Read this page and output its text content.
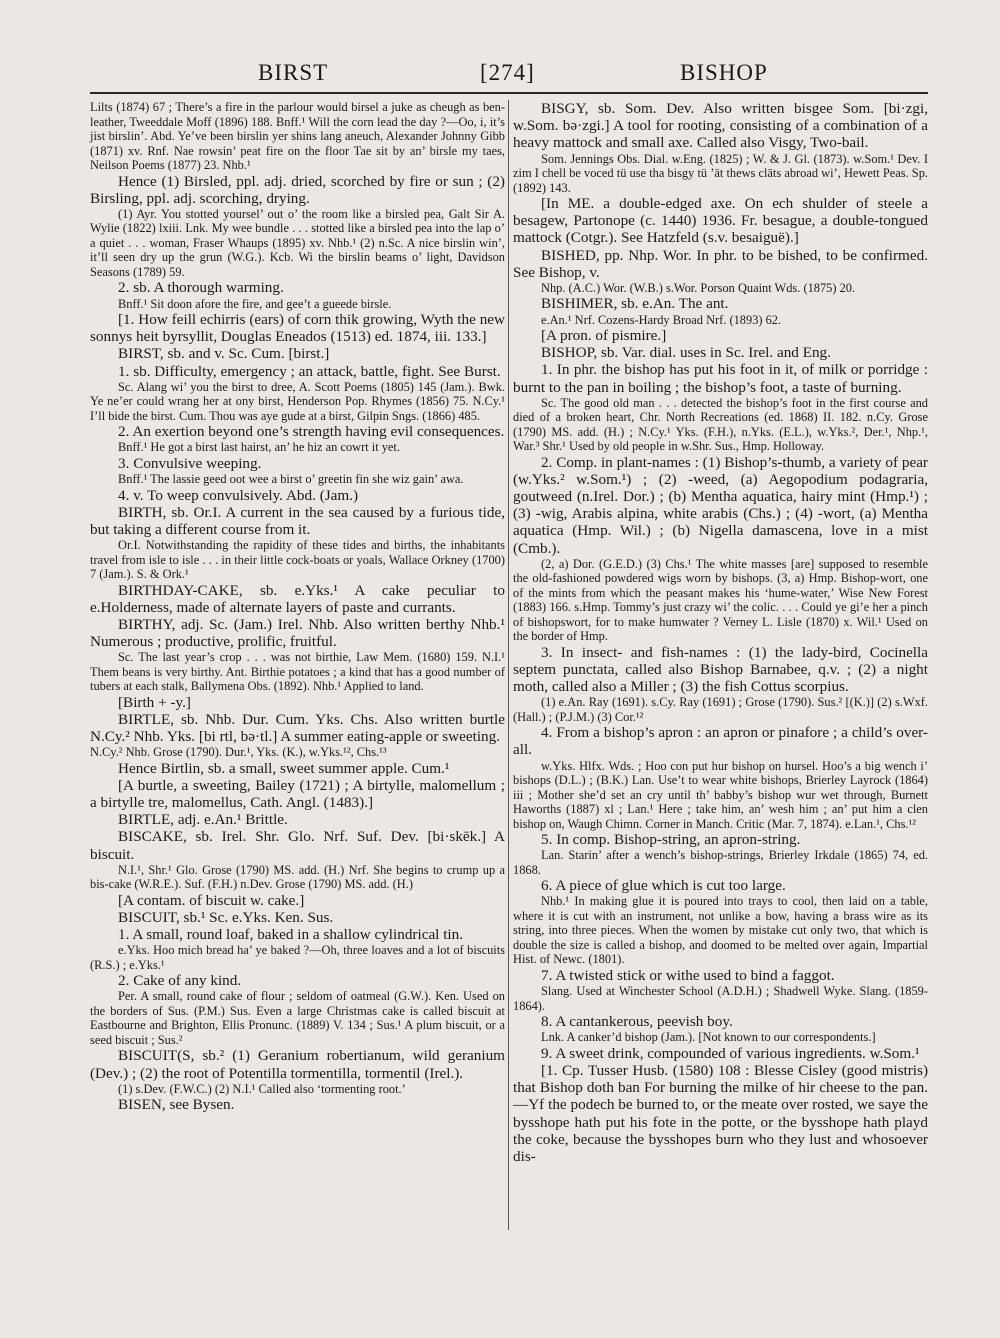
BIRST	[274]	BISHOP

Lilts (1874) 67 ; There’s a fire in the parlour would birsel a juke as cheugh as ben-leather, Tweeddale Moff (1896) 188. Bnff.¹ Will the corn lead the day ?—Oo, i, it’s jist birslin’. Abd. Ye’ve been birslin yer shins lang aneuch, Alexander Johnny Gibb (1871) xv. Rnf. Nae rowsin’ peat fire on the floor Tae sit by an’ birsle my taes, Neilson Poems (1877) 23. Nhb.¹

Hence (1) Birsled, ppl. adj. dried, scorched by fire or sun ; (2) Birsling, ppl. adj. scorching, drying.

(1) Ayr. You stotted yoursel’ out o’ the room like a birsled pea, Galt Sir A. Wylie (1822) lxiii. Lnk. My wee bundle . . . stotted like a birsled pea into the lap o’ a quiet . . . woman, Fraser Whaups (1895) xv. Nhb.¹ (2) n.Sc. A nice birslin win’, it’ll seen dry up the grun (W.G.). Kcb. Wi the birslin beams o’ light, Davidson Seasons (1789) 59.

2. sb. A thorough warming.

Bnff.¹ Sit doon afore the fire, and gee’t a gueede birsle.

[1. How feill echirris (ears) of corn thik growing, Wyth the new sonnys heit byrsyllit, Douglas Eneados (1513) ed. 1874, iii. 133.]

BIRST, sb. and v. Sc. Cum. [birst.]

1. sb. Difficulty, emergency ; an attack, battle, fight. See Burst.

Sc. Alang wi’ you the birst to dree, A. Scott Poems (1805) 145 (Jam.). Bwk. Ye ne’er could wrang her at ony birst, Henderson Pop. Rhymes (1856) 75. N.Cy.¹ I’ll bide the birst. Cum. Thou was aye gude at a birst, Gilpin Sngs. (1866) 485.

2. An exertion beyond one’s strength having evil consequences.

Bnff.¹ He got a birst last hairst, an’ he hiz an cowrt it yet.

3. Convulsive weeping.

Bnff.¹ The lassie geed oot wee a birst o’ greetin fin she wiz gain’ awa.

4. v. To weep convulsively. Abd. (Jam.)

BIRTH, sb. Or.I. A current in the sea caused by a furious tide, but taking a different course from it.

Or.I. Notwithstanding the rapidity of these tides and births, the inhabitants travel from isle to isle . . . in their little cock-boats or yoals, Wallace Orkney (1700) 7 (Jam.). S. & Ork.¹

BIRTHDAY-CAKE, sb. e.Yks.¹ A cake peculiar to e.Holderness, made of alternate layers of paste and currants.

BIRTHY, adj. Sc. (Jam.) Irel. Nhb. Also written berthy Nhb.¹ Numerous ; productive, prolific, fruitful.

Sc. The last year’s crop . . . was not birthie, Law Mem. (1680) 159. N.I.¹ Them beans is very birthy. Ant. Birthie potatoes ; a kind that has a good number of tubers at each stalk, Ballymena Obs. (1892). Nhb.¹ Applied to land.

[Birth + -y.]

BIRTLE, sb. Nhb. Dur. Cum. Yks. Chs. Also written burtle N.Cy.² Nhb. Yks. [bi rtl, bə·tl.] A summer eating-apple or sweeting.

N.Cy.² Nhb. Grose (1790). Dur.¹, Yks. (K.), w.Yks.¹², Chs.¹³

Hence Birtlin, sb. a small, sweet summer apple. Cum.¹

[A burtle, a sweeting, Bailey (1721) ; A birtylle, malomellum ; a birtylle tre, malomellus, Cath. Angl. (1483).]

BIRTLE, adj. e.An.¹ Brittle.

BISCAKE, sb. Irel. Shr. Glo. Nrf. Suf. Dev. [bi·skēk.] A biscuit.

N.I.¹, Shr.¹ Glo. Grose (1790) MS. add. (H.) Nrf. She begins to crump up a bis-cake (W.R.E.). Suf. (F.H.) n.Dev. Grose (1790) MS. add. (H.)

[A contam. of biscuit w. cake.]

BISCUIT, sb.¹ Sc. e.Yks. Ken. Sus.

1. A small, round loaf, baked in a shallow cylindrical tin.

e.Yks. Hoo mich bread ha’ ye baked ?—Oh, three loaves and a lot of biscuits (R.S.) ; e.Yks.¹

2. Cake of any kind.

Per. A small, round cake of flour ; seldom of oatmeal (G.W.). Ken. Used on the borders of Sus. (P.M.) Sus. Even a large Christmas cake is called biscuit at Eastbourne and Brighton, Ellis Pronunc. (1889) V. 134 ; Sus.¹ A plum biscuit, or a seed biscuit ; Sus.²

BISCUIT(S, sb.² (1) Geranium robertianum, wild geranium (Dev.) ; (2) the root of Potentilla tormentilla, tormentil (Irel.).

(1) s.Dev. (F.W.C.) (2) N.I.¹ Called also ‘tormenting root.’

BISEN, see Bysen.

BISGY, sb. Som. Dev. Also written bisgee Som. [bi·zgi, w.Som. bə·zgi.] A tool for rooting, consisting of a combination of a heavy mattock and small axe. Called also Visgy, Two-bail.

Som. Jennings Obs. Dial. w.Eng. (1825) ; W. & J. Gl. (1873). w.Som.¹ Dev. I zim I chell be voced tü use tha bisgy tü ’ät thews clāts abroad wi’, Hewett Peas. Sp. (1892) 143.

[In ME. a double-edged axe. On ech shulder of steele a besagew, Partonope (c. 1440) 1936. Fr. besague, a double-tongued mattock (Cotgr.). See Hatzfeld (s.v. besaiguë).]

BISHED, pp. Nhp. Wor. In phr. to be bished, to be confirmed. See Bishop, v.

Nhp. (A.C.) Wor. (W.B.) s.Wor. Porson Quaint Wds. (1875) 20.

BISHIMER, sb. e.An. The ant.

e.An.¹ Nrf. Cozens-Hardy Broad Nrf. (1893) 62.

[A pron. of pismire.]

BISHOP, sb. Var. dial. uses in Sc. Irel. and Eng.

1. In phr. the bishop has put his foot in it, of milk or porridge : burnt to the pan in boiling ; the bishop’s foot, a taste of burning.

Sc. The good old man . . . detected the bishop’s foot in the first course and died of a broken heart, Chr. North Recreations (ed. 1868) II. 182. n.Cy. Grose (1790) MS. add. (H.) ; N.Cy.¹ Yks. (F.H.), n.Yks. (E.L.), w.Yks.², Der.¹, Nhp.¹, War.³ Shr.¹ Used by old people in w.Shr. Sus., Hmp. Holloway.

2. Comp. in plant-names : (1) Bishop’s-thumb, a variety of pear (w.Yks.² w.Som.¹) ; (2) -weed, (a) Aegopodium podagraria, goutweed (n.Irel. Dor.) ; (b) Mentha aquatica, hairy mint (Hmp.¹) ; (3) -wig, Arabis alpina, white arabis (Chs.) ; (4) -wort, (a) Mentha aquatica (Hmp. Wil.) ; (b) Nigella damascena, love in a mist (Cmb.).

(2, a) Dor. (G.E.D.) (3) Chs.¹ The white masses [are] supposed to resemble the old-fashioned powdered wigs worn by bishops. (3, a) Hmp. Bishop-wort, one of the mints from which the peasant makes his ‘hume-water,’ Wise New Forest (1883) 166. s.Hmp. Tommy’s just crazy wi’ the colic. . . . Could ye gi’e her a pinch of bishopswort, for to make humwater ? Verney L. Lisle (1870) x. Wil.¹ Used on the border of Hmp.

3. In insect- and fish-names : (1) the lady-bird, Cocinella septem punctata, called also Bishop Barnabee, q.v. ; (2) a night moth, called also a Miller ; (3) the fish Cottus scorpius.

(1) e.An. Ray (1691). s.Cy. Ray (1691) ; Grose (1790). Sus.² [(K.)] (2) s.Wxf. (Hall.) ; (P.J.M.) (3) Cor.¹²

4. From a bishop’s apron : an apron or pinafore ; a child’s over-all.

w.Yks. Hlfx. Wds. ; Hoo con put hur bishop on hursel. Hoo’s a big wench i’ bishops (D.L.) ; (B.K.) Lan. Use’t to wear white bishops, Brierley Layrock (1864) iii ; Mother she’d set an cry until th’ babby’s bishop wur wet through, Burnett Haworths (1887) xl ; Lan.¹ Here ; take him, an’ wesh him ; an’ put him a clen bishop on, Waugh Chimn. Corner in Manch. Critic (Mar. 7, 1874). e.Lan.¹, Chs.¹²

5. In comp. Bishop-string, an apron-string.

Lan. Starin’ after a wench’s bishop-strings, Brierley Irkdale (1865) 74, ed. 1868.

6. A piece of glue which is cut too large.

Nhb.¹ In making glue it is poured into trays to cool, then laid on a table, where it is cut with an instrument, not unlike a bow, having a brass wire as its string, into three pieces. When the women by mistake cut only two, that which is double the size is called a bishop, and doomed to be melted over again, Impartial Hist. of Newc. (1801).

7. A twisted stick or withe used to bind a faggot.

Slang. Used at Winchester School (A.D.H.) ; Shadwell Wyke. Slang. (1859-1864).

8. A cantankerous, peevish boy.

Lnk. A canker’d bishop (Jam.). [Not known to our correspondents.]

9. A sweet drink, compounded of various ingredients. w.Som.¹

[1. Cp. Tusser Husb. (1580) 108 : Blesse Cisley (good mistris) that Bishop doth ban For burning the milke of hir cheese to the pan.—Yf the podech be burned to, or the meate over rosted, we saye the bysshope hath put his fote in the potte, or the bysshope hath playd the coke, because the bysshopes burn who they lust and whosoever dis-
